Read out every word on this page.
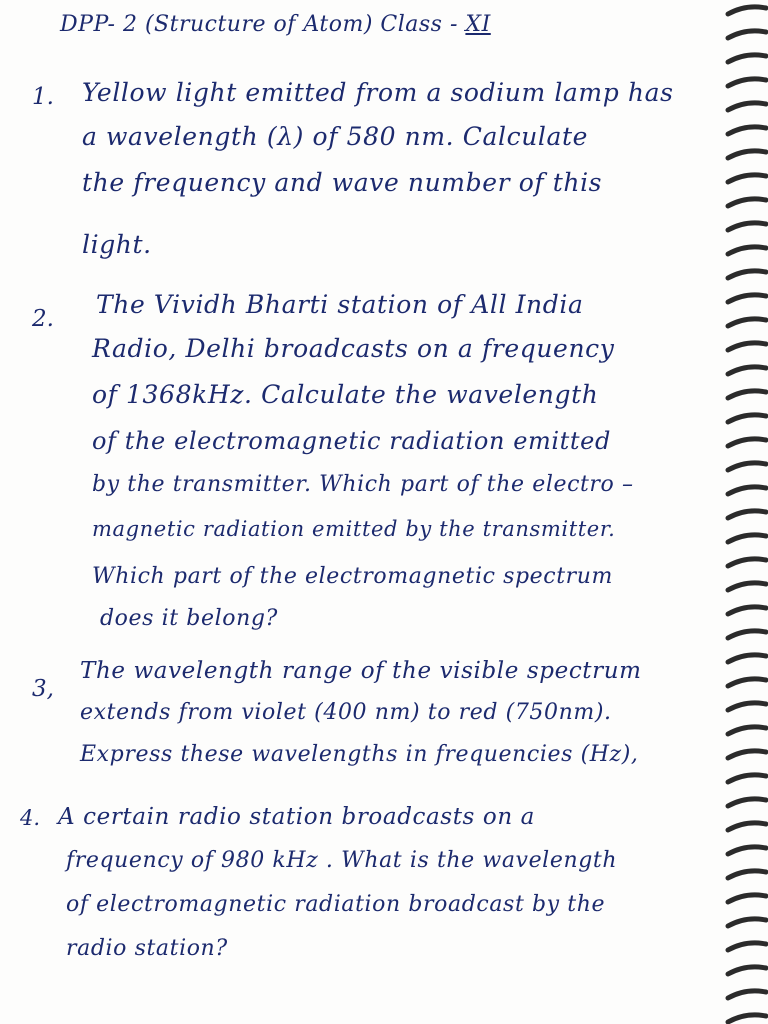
DPP- 2 (Structure of Atom) Class - XI
1. Yellow light emitted from a sodium lamp has
a wavelength (λ) of 580 nm. Calculate
the frequency and wave number of this
light.
2. The Vividh Bharti station of All India
Radio, Delhi broadcasts on a frequency
of 1368kHz. Calculate the wavelength
of the electromagnetic radiation emitted
by the transmitter. Which part of the electro –
magnetic radiation emitted by the transmitter.
Which part of the electromagnetic spectrum
does it belong?
3,
The wavelength range of the visible spectrum
extends from violet (400 nm) to red (750nm).
Express these wavelengths in frequencies (Hz),
4. A certain radio station broadcasts on a
frequency of 980 kHz . What is the wavelength
of electromagnetic radiation broadcast by the
radio station?
